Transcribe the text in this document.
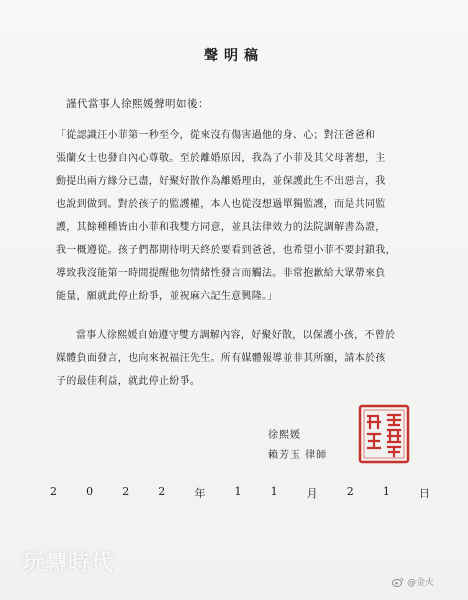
聲明稿
謹代當事人徐熙媛聲明如後：

「從認識汪小菲第一秒至今，從來沒有傷害過他的身、心；對汪爸爸和

張蘭女士也發自內心尊敬。至於離婚原因，我為了小菲及其父母著想，主

動提出兩方緣分已盡，好聚好散作為離婚理由，並保護此生不出惡言，我

也說到做到。對於孩子的監護權，本人也從沒想過單獨監護，而是共同監

護，其餘種種皆由小菲和我雙方同意，並具法律效力的法院調解書為證，

我一概遵從。孩子們都期待明天終於要看到爸爸，也希望小菲不要封鎖我，

導致我沒能第一時間提醒他勿情緒性發言而觸法。非常抱歉給大眾帶來負

能量，願就此停止紛爭，並祝麻六記生意興隆。」

當事人徐熙媛自始遵守雙方調解內容，好聚好散，以保護小孩，不曾於

媒體負面發言，也向來祝福汪先生。所有媒體報導並非其所願，請本於孩

子的最佳利益，就此停止紛爭。

徐熙媛
賴芳玉 律師
2	0	2	2	年	1	1	月	2	1	日
玩轉時代
@金火
